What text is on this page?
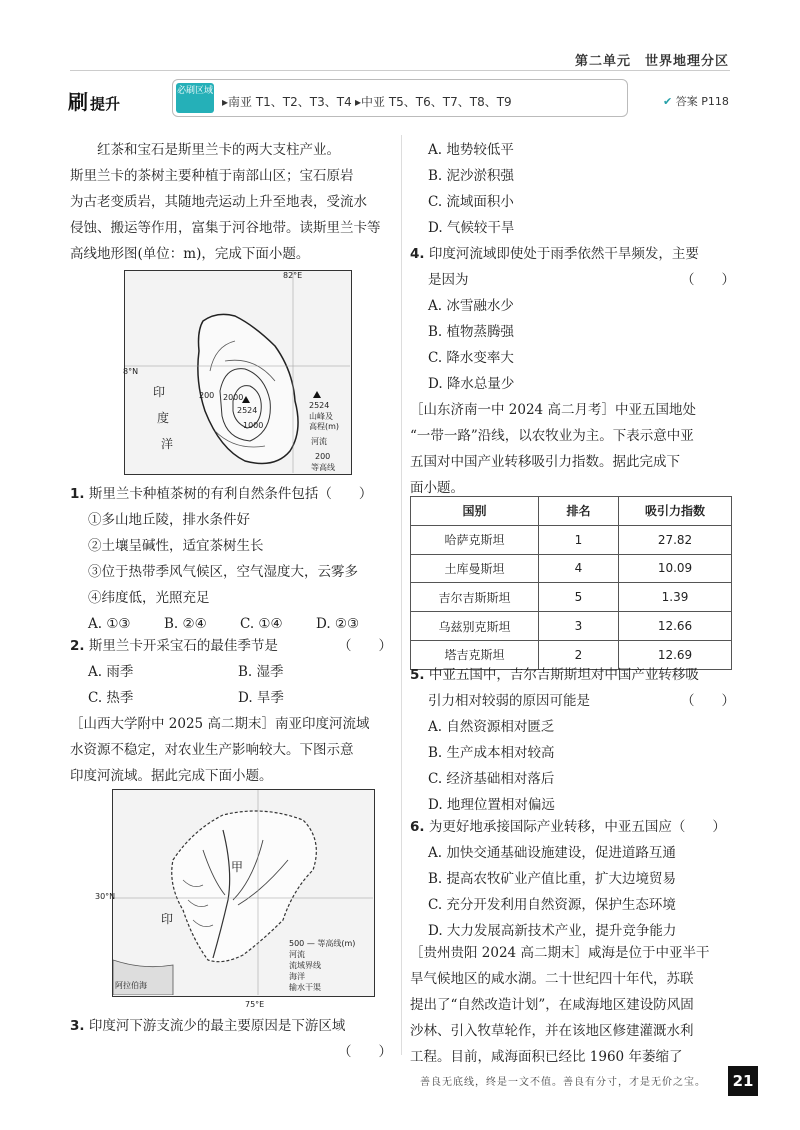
第二单元　世界地理分区
刷 提升
必刷区域
▸南亚 T1、T2、T3、T4 ▸中亚 T5、T6、T7、T8、T9	✔ 答案 P118
红茶和宝石是斯里兰卡的两大支柱产业。
斯里兰卡的茶树主要种植于南部山区；宝石原岩
为古老变质岩，其随地壳运动上升至地表，受流水
侵蚀、搬运等作用，富集于河谷地带。读斯里兰卡等
高线地形图(单位：m)，完成下面小题。
82°E
8°N
印
度
洋
2524
2000
1000
200
2524
山峰及
高程(m)
河流
200
等高线
1. 斯里兰卡种植茶树的有利自然条件包括（　　）
①多山地丘陵，排水条件好
②土壤呈碱性，适宜茶树生长
③位于热带季风气候区，空气湿度大，云雾多
④纬度低，光照充足
A. ①③	B. ②④	C. ①④	D. ②③
2. 斯里兰卡开采宝石的最佳季节是	（　　）
A. 雨季	B. 湿季
C. 热季	D. 旱季
［山西大学附中 2025 高二期末］南亚印度河流域
水资源不稳定，对农业生产影响较大。下图示意
印度河流域。据此完成下面小题。
30°N
75°E
甲
印
阿拉伯海
500 — 等高线(m)
河流
流域界线
海洋
输水干渠
3. 印度河下游支流少的最主要原因是下游区域
（　　）
A. 地势较低平
B. 泥沙淤积强
C. 流域面积小
D. 气候较干旱
4. 印度河流域即使处于雨季依然干旱频发，主要
是因为	（　　）
A. 冰雪融水少
B. 植物蒸腾强
C. 降水变率大
D. 降水总量少
［山东济南一中 2024 高二月考］中亚五国地处
“一带一路”沿线，以农牧业为主。下表示意中亚
五国对中国产业转移吸引力指数。据此完成下
面小题。
国别	排名	吸引力指数
哈萨克斯坦	1	27.82
土库曼斯坦	4	10.09
吉尔吉斯斯坦	5	1.39
乌兹别克斯坦	3	12.66
塔吉克斯坦	2	12.69
5. 中亚五国中，吉尔吉斯斯坦对中国产业转移吸
引力相对较弱的原因可能是	（　　）
A. 自然资源相对匮乏
B. 生产成本相对较高
C. 经济基础相对落后
D. 地理位置相对偏远
6. 为更好地承接国际产业转移，中亚五国应（　　）
A. 加快交通基础设施建设，促进道路互通
B. 提高农牧矿业产值比重，扩大边境贸易
C. 充分开发利用自然资源，保护生态环境
D. 大力发展高新技术产业，提升竞争能力
［贵州贵阳 2024 高二期末］咸海是位于中亚半干
旱气候地区的咸水湖。二十世纪四十年代，苏联
提出了“自然改造计划”，在咸海地区建设防风固
沙林、引入牧草轮作，并在该地区修建灌溉水利
工程。目前，咸海面积已经比 1960 年萎缩了
善良无底线，终是一文不值。善良有分寸，才是无价之宝。	21
